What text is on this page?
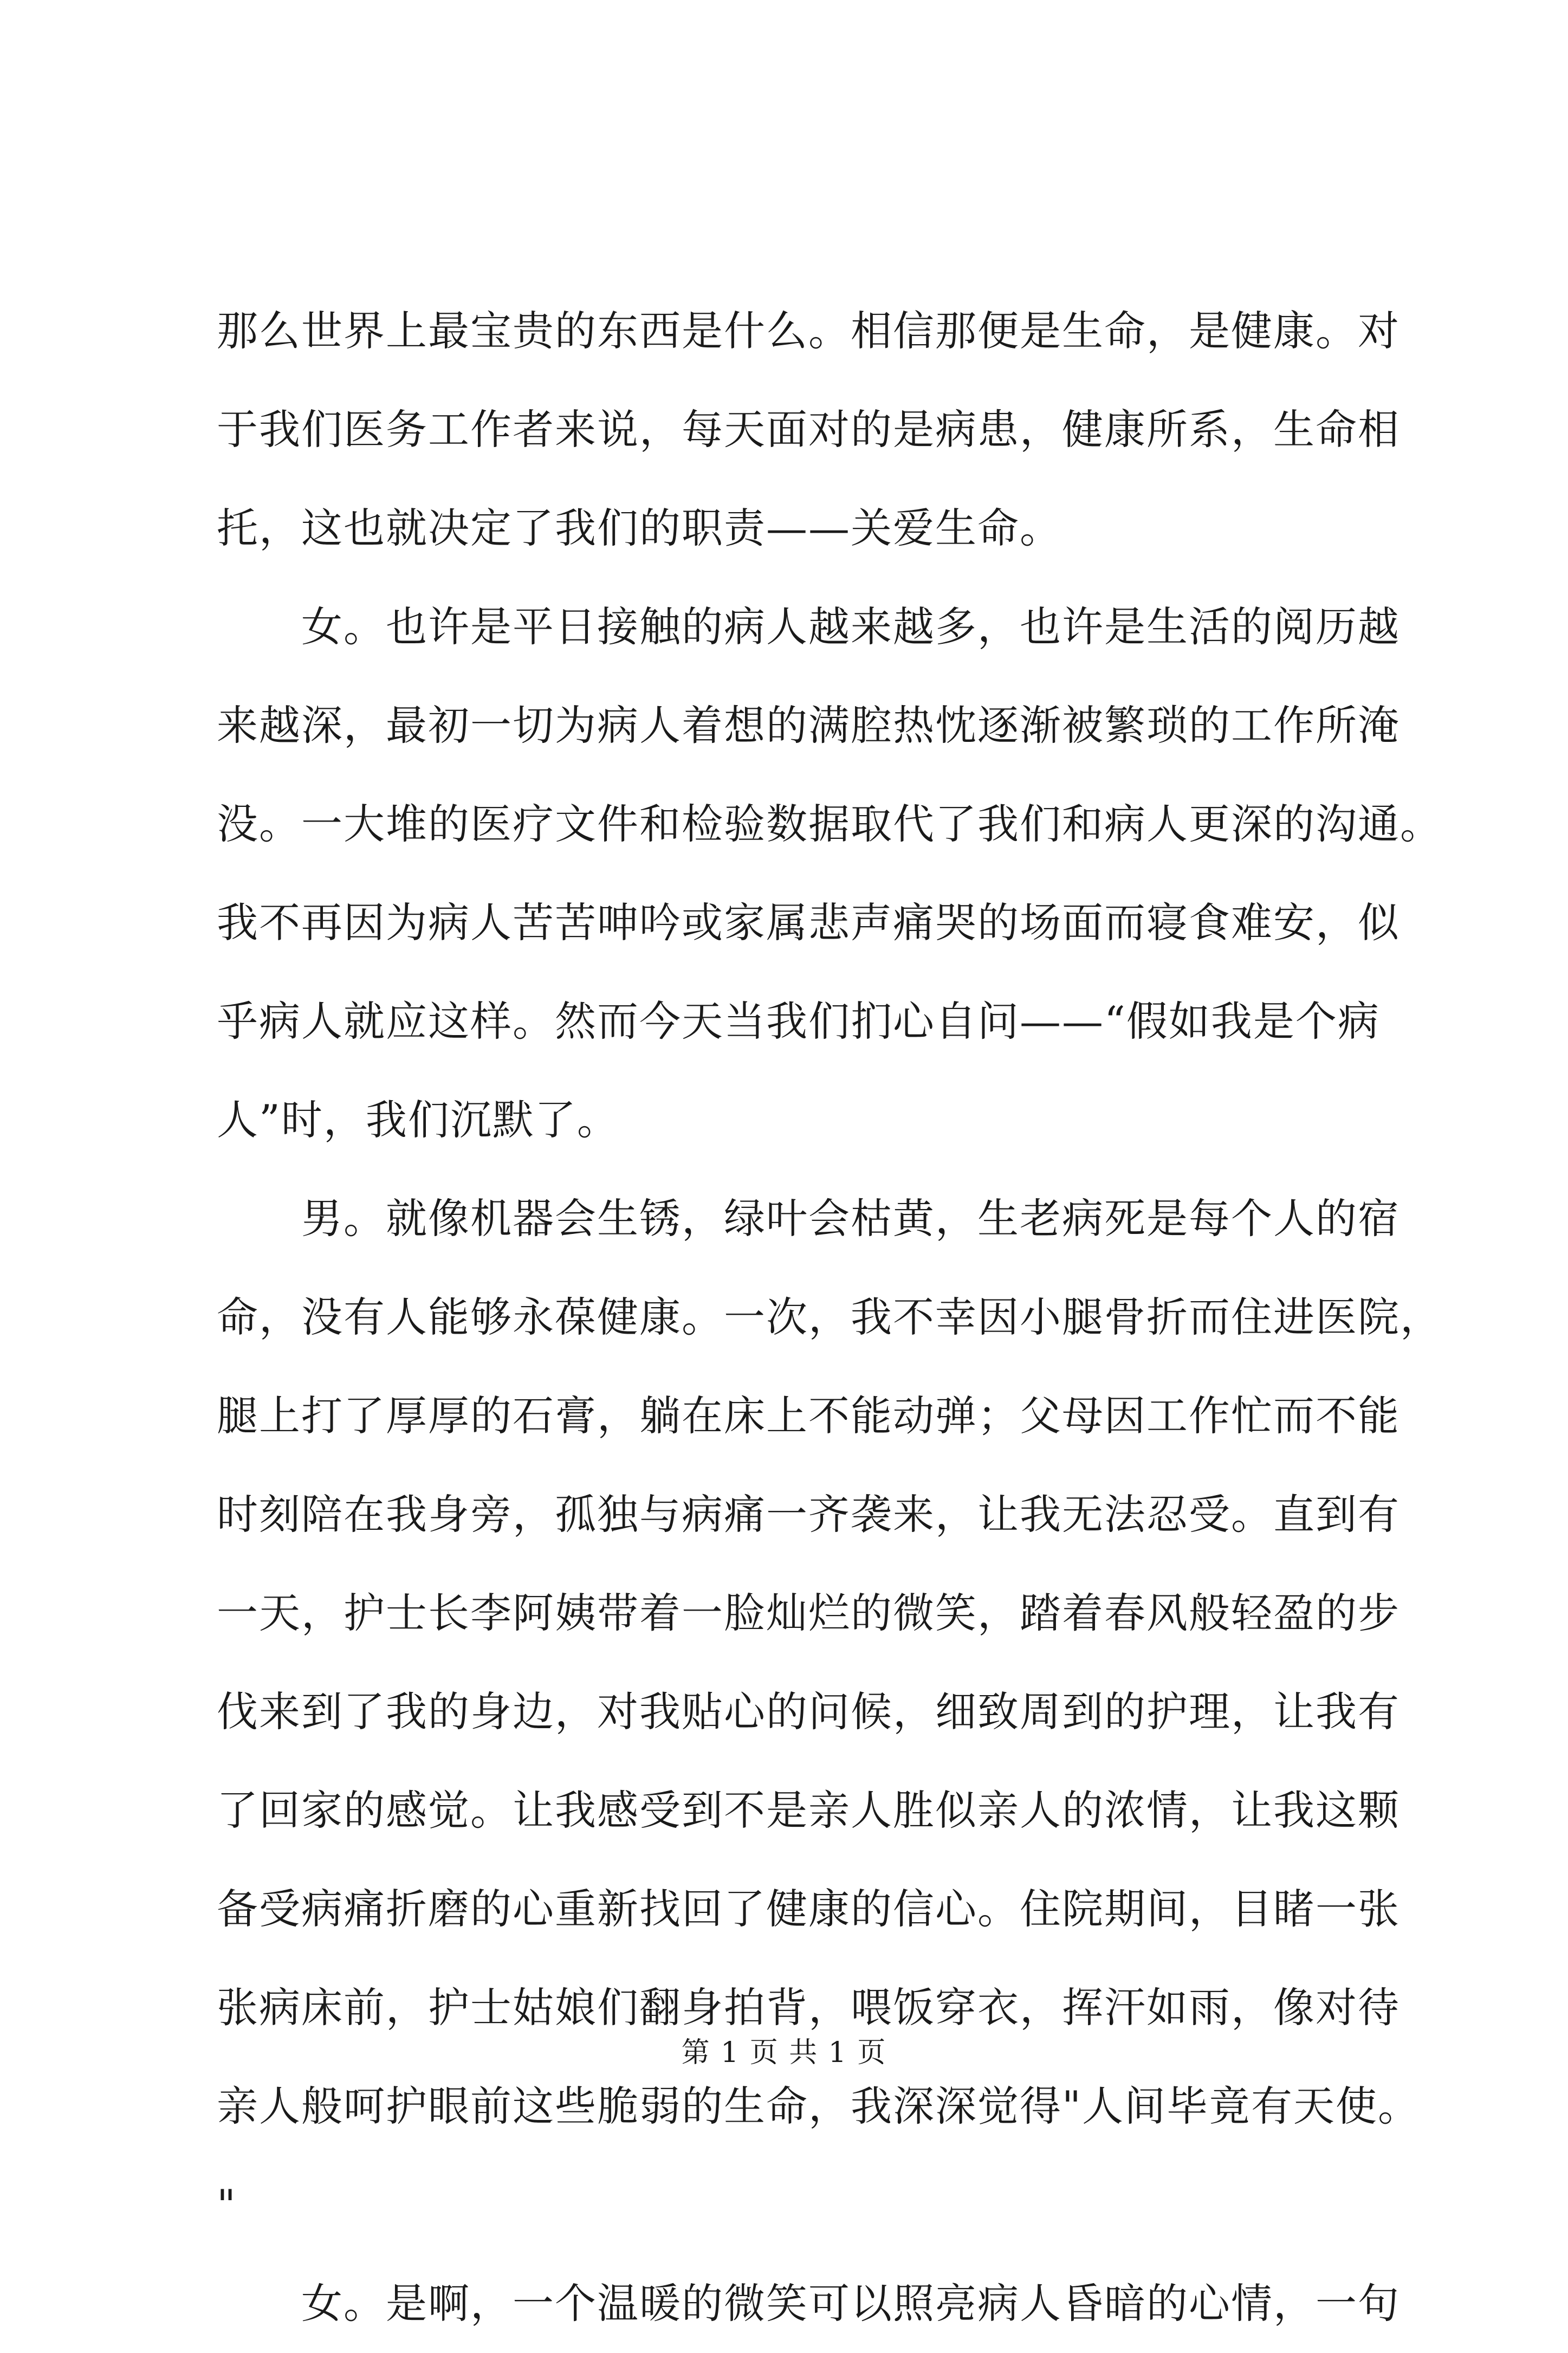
那么世界上最宝贵的东西是什么。相信那便是生命，是健康。对
于我们医务工作者来说，每天面对的是病患，健康所系，生命相
托，这也就决定了我们的职责——关爱生命。
　　女。也许是平日接触的病人越来越多，也许是生活的阅历越
来越深，最初一切为病人着想的满腔热忱逐渐被繁琐的工作所淹
没。一大堆的医疗文件和检验数据取代了我们和病人更深的沟通。
我不再因为病人苦苦呻吟或家属悲声痛哭的场面而寝食难安，似
乎病人就应这样。然而今天当我们扪心自问——“假如我是个病
人”时，我们沉默了。
　　男。就像机器会生锈，绿叶会枯黄，生老病死是每个人的宿
命，没有人能够永葆健康。一次，我不幸因小腿骨折而住进医院，
腿上打了厚厚的石膏，躺在床上不能动弹；父母因工作忙而不能
时刻陪在我身旁，孤独与病痛一齐袭来，让我无法忍受。直到有
一天，护士长李阿姨带着一脸灿烂的微笑，踏着春风般轻盈的步
伐来到了我的身边，对我贴心的问候，细致周到的护理，让我有
了回家的感觉。让我感受到不是亲人胜似亲人的浓情，让我这颗
备受病痛折磨的心重新找回了健康的信心。住院期间，目睹一张
张病床前，护士姑娘们翻身拍背，喂饭穿衣，挥汗如雨，像对待
亲人般呵护眼前这些脆弱的生命，我深深觉得"人间毕竟有天使。
"
　　女。是啊，一个温暖的微笑可以照亮病人昏暗的心情，一句
第 1 页 共 1 页
